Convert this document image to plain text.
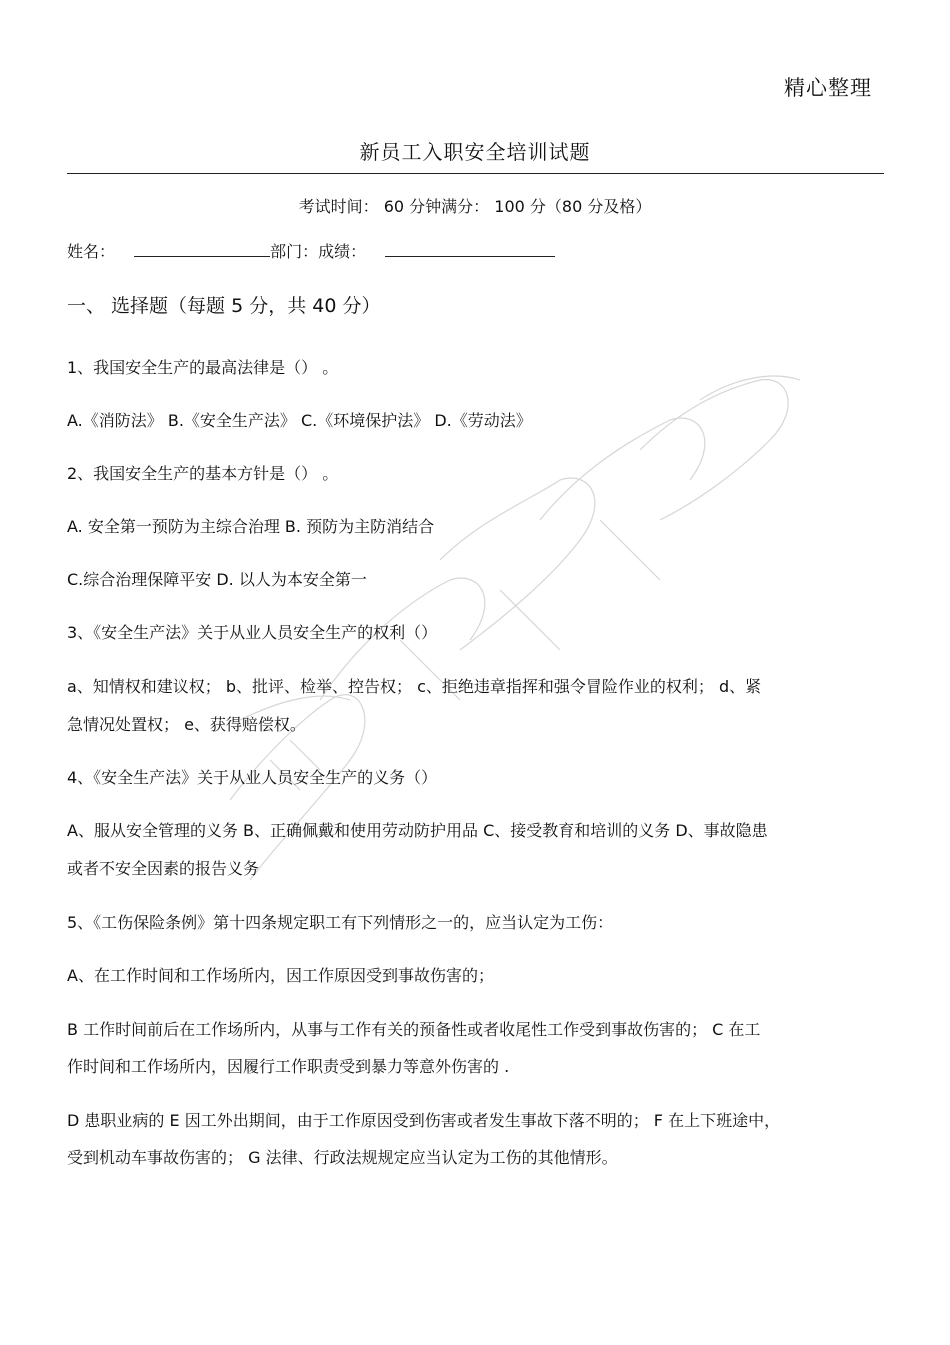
精心整理
新员工入职安全培训试题
考试时间： 60 分钟满分： 100 分（80 分及格）
姓名：	部门：成绩：
一、 选择题（每题 5 分，共 40 分）
1、我国安全生产的最高法律是（） 。
A.《消防法》 B.《安全生产法》 C.《环境保护法》 D.《劳动法》
2、我国安全生产的基本方针是（） 。
A. 安全第一预防为主综合治理 B. 预防为主防消结合
C.综合治理保障平安 D. 以人为本安全第一
3、《安全生产法》关于从业人员安全生产的权利（）
a、知情权和建议权； b、批评、检举、控告权； c、拒绝违章指挥和强令冒险作业的权利； d、紧
急情况处置权； e、获得赔偿权。
4、《安全生产法》关于从业人员安全生产的义务（）
A、服从安全管理的义务 B、正确佩戴和使用劳动防护用品 C、接受教育和培训的义务 D、事故隐患
或者不安全因素的报告义务
5、《工伤保险条例》第十四条规定职工有下列情形之一的，应当认定为工伤：
A、在工作时间和工作场所内，因工作原因受到事故伤害的；
B 工作时间前后在工作场所内，从事与工作有关的预备性或者收尾性工作受到事故伤害的； C 在工
作时间和工作场所内，因履行工作职责受到暴力等意外伤害的 .
D 患职业病的 E 因工外出期间，由于工作原因受到伤害或者发生事故下落不明的； F 在上下班途中，
受到机动车事故伤害的； G 法律、行政法规规定应当认定为工伤的其他情形。
